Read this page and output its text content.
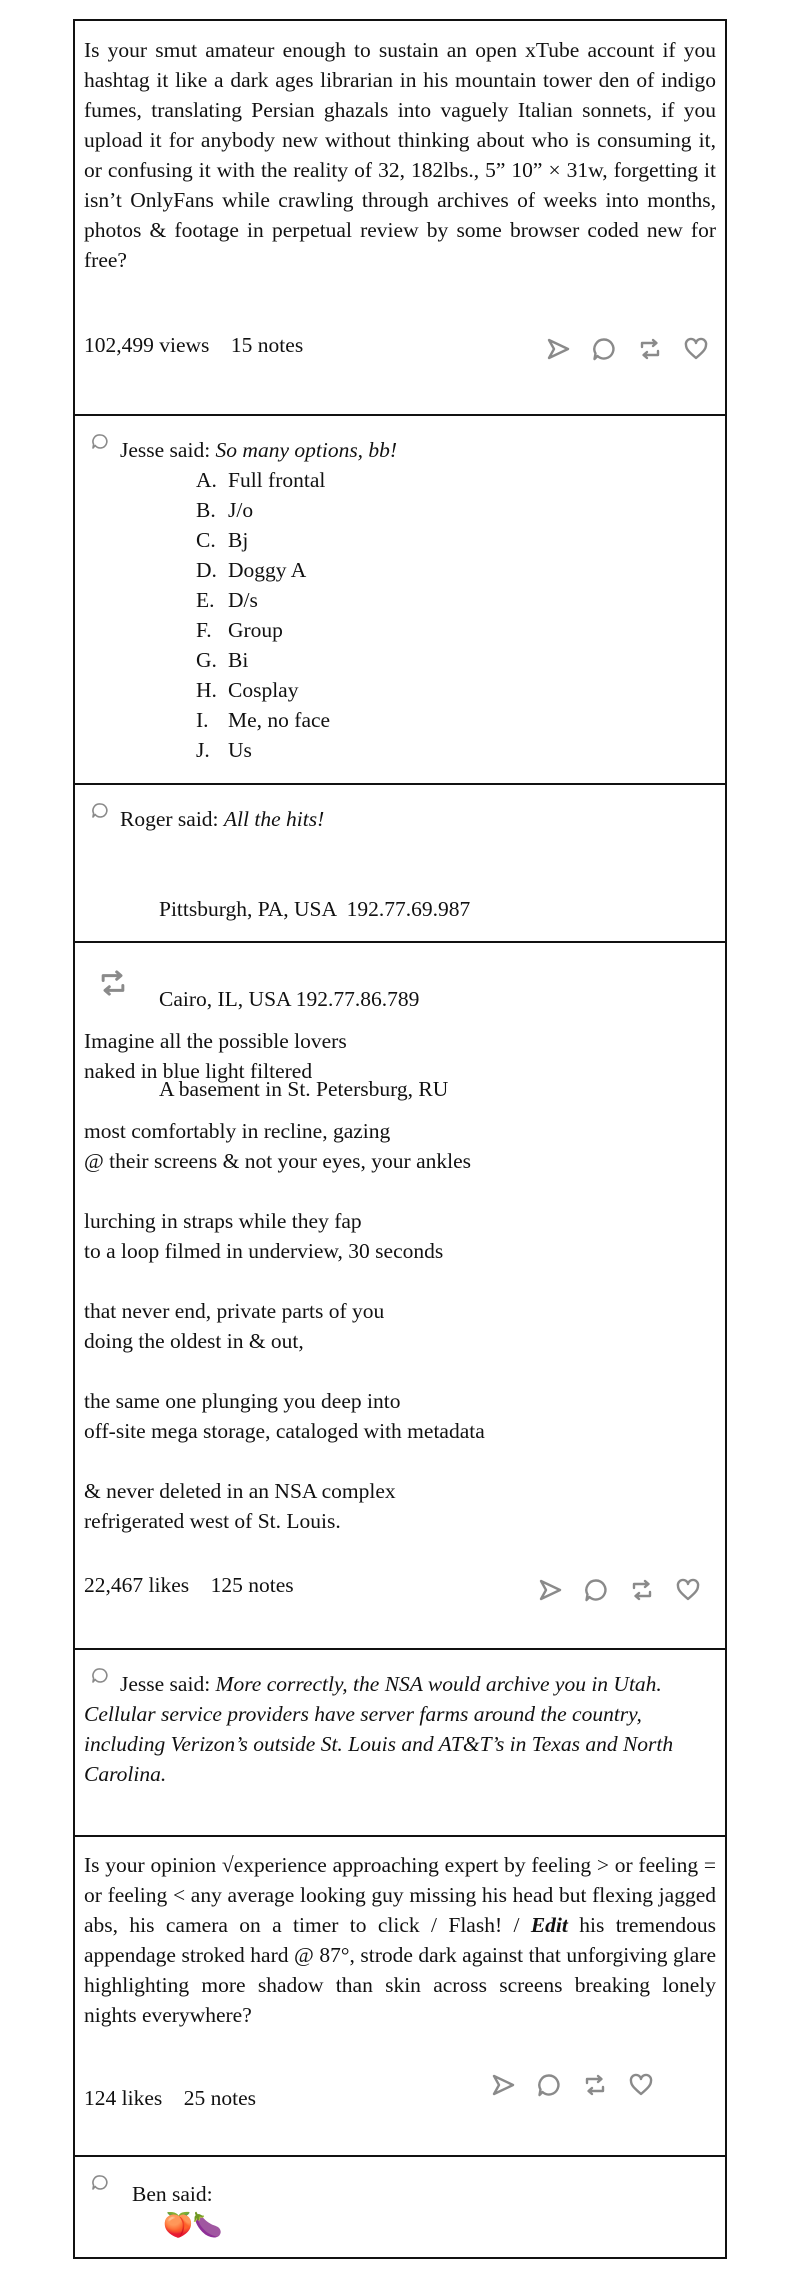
Is your smut amateur enough to sustain an open xTube account if you hashtag it like a dark ages librarian in his mountain tower den of indigo fumes, translating Persian ghazals into vaguely Italian sonnets, if you upload it for anybody new without thinking about who is consuming it, or confusing it with the reality of 32, 182lbs., 5” 10” × 31w, forgetting it isn’t OnlyFans while crawling through archives of weeks into months, photos & footage in perpetual review by some browser coded new for free?
102,499 views 15 notes
Jesse said: So many options, bb!
A. Full frontal
B. J/o
C. Bj
D. Doggy A
E. D/s
F. Group
G. Bi
H. Cosplay
I. Me, no face
J. Us
Roger said: All the hits!

Pittsburgh, PA, USA  192.77.69.987

Cairo, IL, USA 192.77.86.789

A basement in St. Petersburg, RU

Imagine all the possible lovers

naked in blue light filtered

most comfortably in recline, gazing

@ their screens & not your eyes, your ankles

lurching in straps while they fap

to a loop filmed in underview, 30 seconds

that never end, private parts of you

doing the oldest in & out,

the same one plunging you deep into

off-site mega storage, cataloged with metadata

& never deleted in an NSA complex

refrigerated west of St. Louis.

22,467 likes 125 notes
Jesse said: More correctly, the NSA would archive you in Utah. Cellular service providers have server farms around the country, including Verizon’s outside St. Louis and AT&T’s in Texas and North Carolina.
Is your opinion √experience approaching expert by feeling > or feeling = or feeling < any average looking guy missing his head but flexing jagged abs, his camera on a timer to click / Flash! / Edit his tremendous appendage stroked hard @ 87°, strode dark against that unforgiving glare highlighting more shadow than skin across screens breaking lonely nights everywhere?
124 likes 25 notes
Ben said:
🍑🍆
